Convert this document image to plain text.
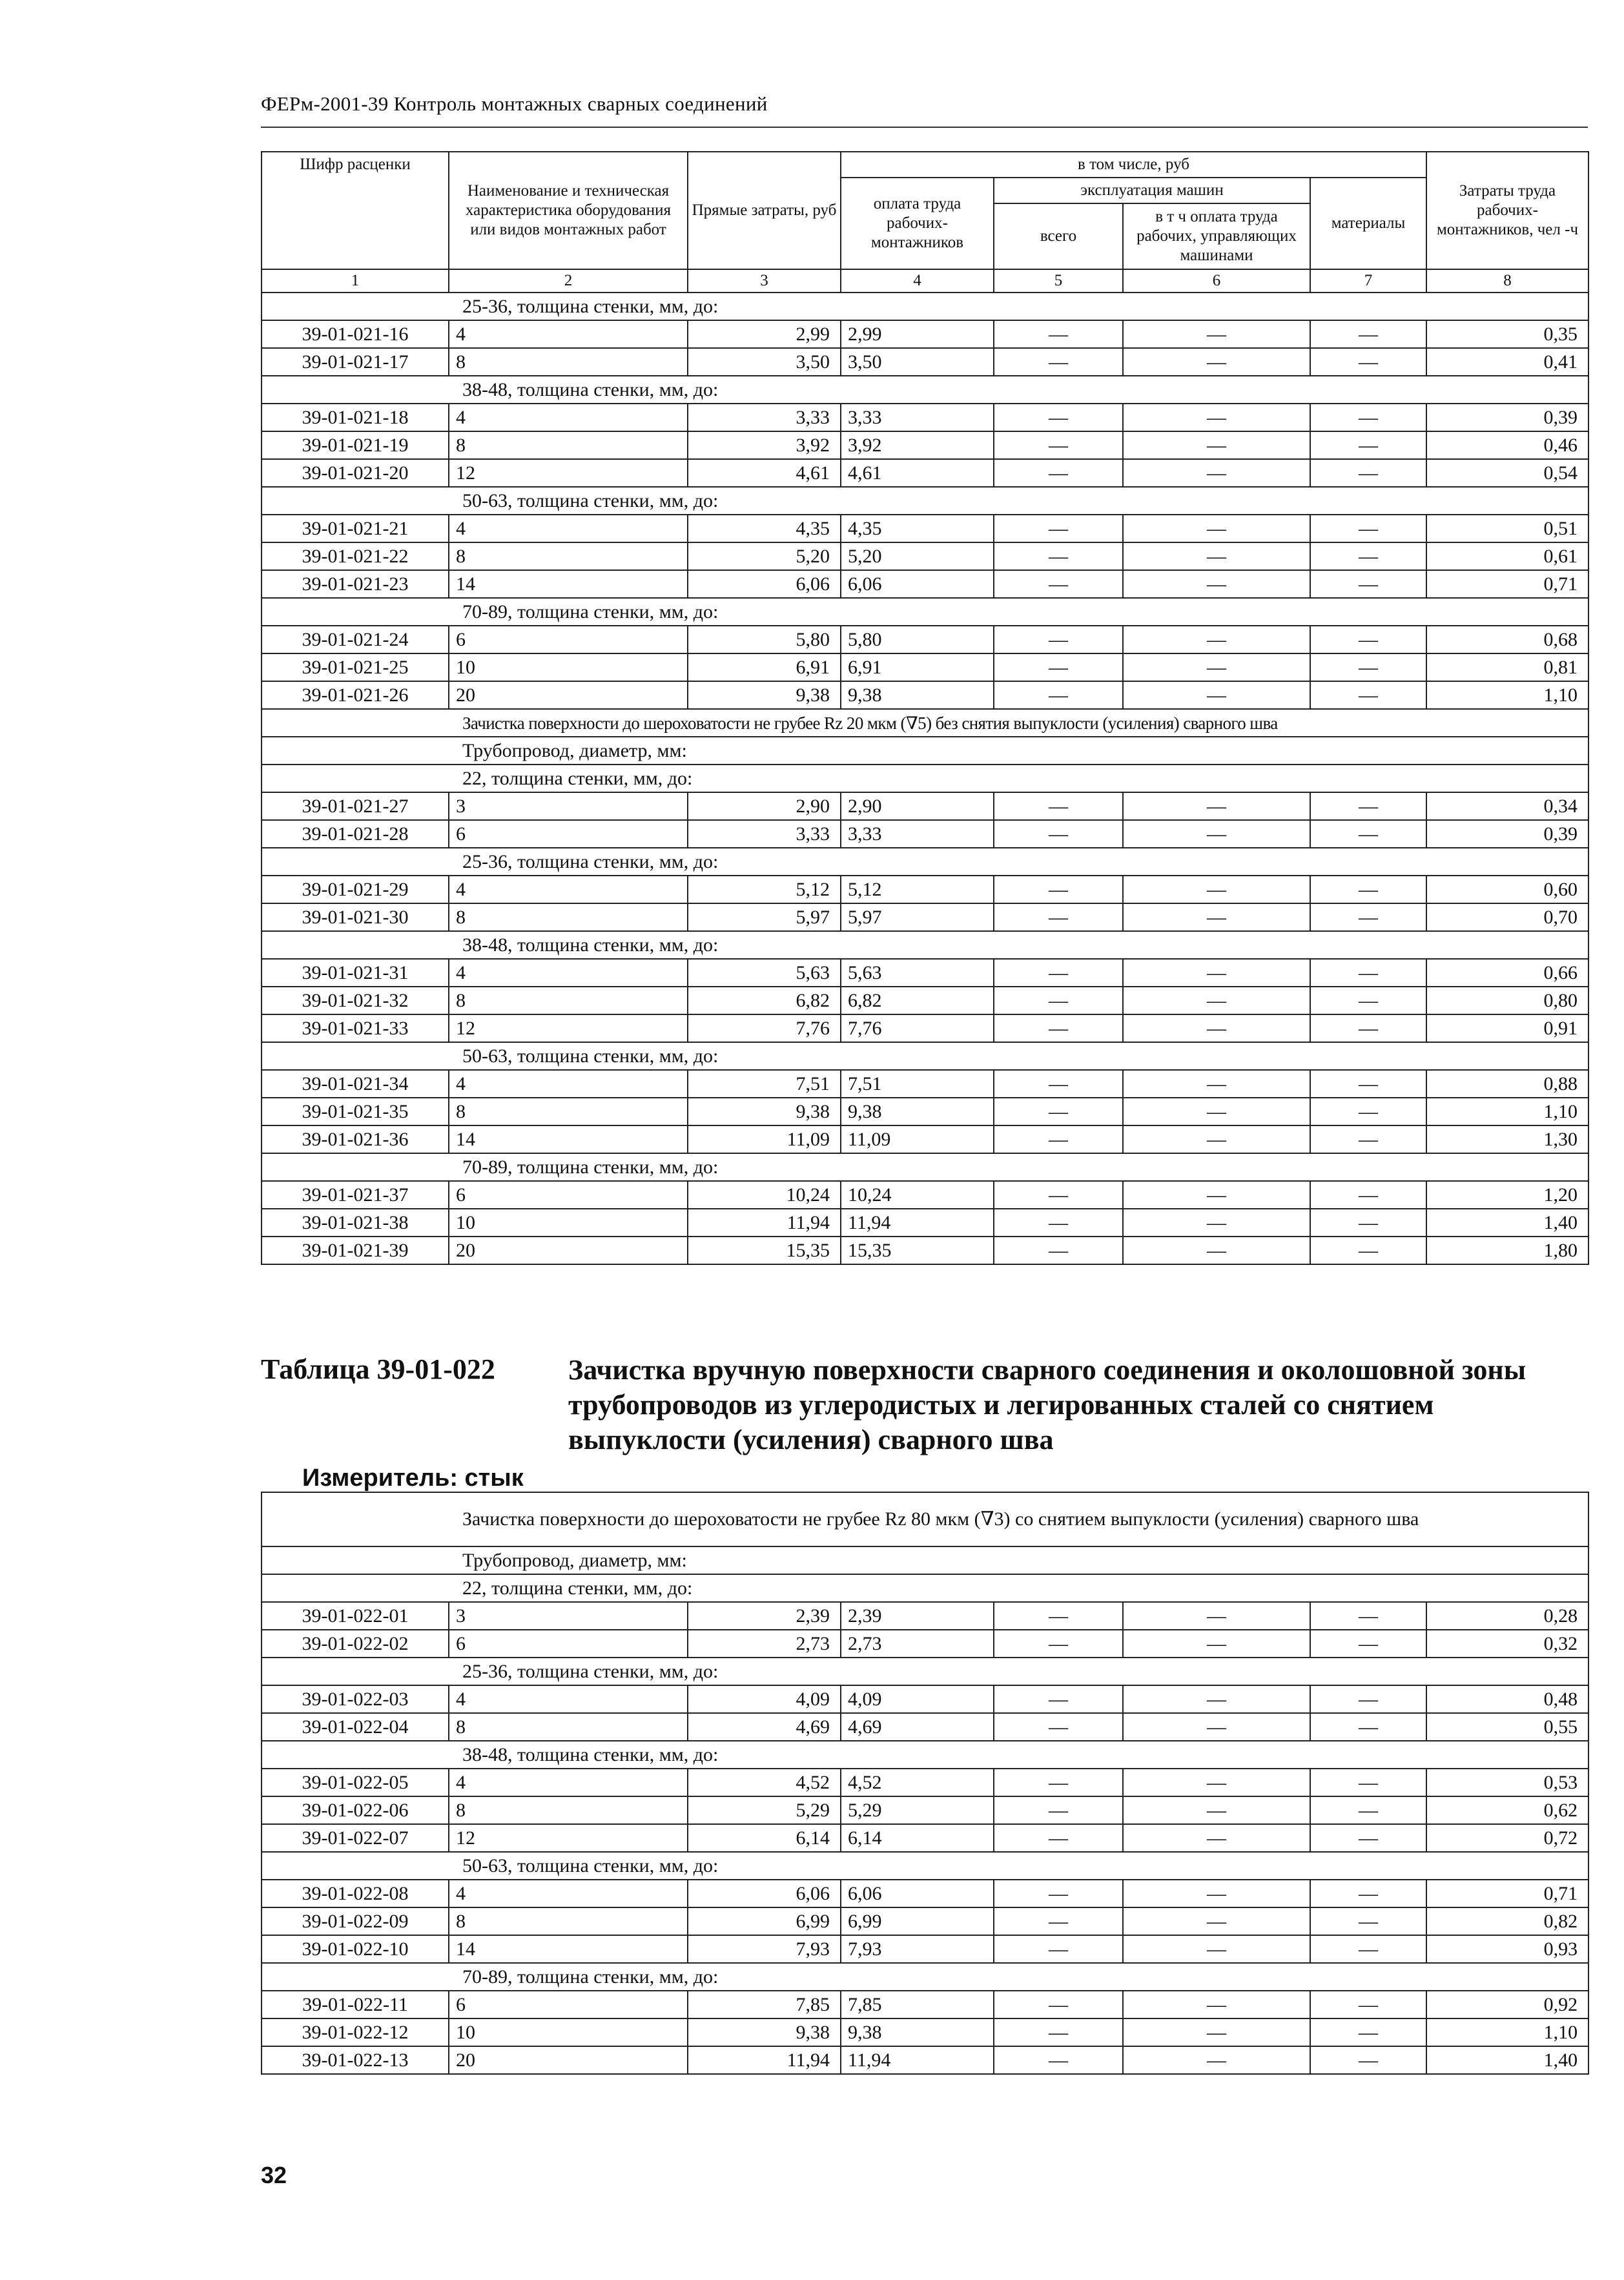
ФЕРм-2001-39 Контроль монтажных сварных соединений
Шифр расценки	Наименование и техническая характеристика оборудования или видов монтажных работ	Прямые затраты, руб	в том числе, руб				Затраты труда рабочих-монтажников, чел -ч
			оплата труда рабочих-монтажников	эксплуатация машин		материалы	
				всего	в т ч оплата труда рабочих, управляющих машинами		
1	2	3	4	5	6	7	8
25-36, толщина стенки, мм, до:							
39-01-021-16	4	2,99	2,99	—	—	—	0,35
39-01-021-17	8	3,50	3,50	—	—	—	0,41
38-48, толщина стенки, мм, до:							
39-01-021-18	4	3,33	3,33	—	—	—	0,39
39-01-021-19	8	3,92	3,92	—	—	—	0,46
39-01-021-20	12	4,61	4,61	—	—	—	0,54
50-63, толщина стенки, мм, до:							
39-01-021-21	4	4,35	4,35	—	—	—	0,51
39-01-021-22	8	5,20	5,20	—	—	—	0,61
39-01-021-23	14	6,06	6,06	—	—	—	0,71
70-89, толщина стенки, мм, до:							
39-01-021-24	6	5,80	5,80	—	—	—	0,68
39-01-021-25	10	6,91	6,91	—	—	—	0,81
39-01-021-26	20	9,38	9,38	—	—	—	1,10
Зачистка поверхности до шероховатости не грубее Rz 20 мкм (∇5) без снятия выпуклости (усиления) сварного шва							
Трубопровод, диаметр, мм:							
22, толщина стенки, мм, до:							
39-01-021-27	3	2,90	2,90	—	—	—	0,34
39-01-021-28	6	3,33	3,33	—	—	—	0,39
25-36, толщина стенки, мм, до:							
39-01-021-29	4	5,12	5,12	—	—	—	0,60
39-01-021-30	8	5,97	5,97	—	—	—	0,70
38-48, толщина стенки, мм, до:							
39-01-021-31	4	5,63	5,63	—	—	—	0,66
39-01-021-32	8	6,82	6,82	—	—	—	0,80
39-01-021-33	12	7,76	7,76	—	—	—	0,91
50-63, толщина стенки, мм, до:							
39-01-021-34	4	7,51	7,51	—	—	—	0,88
39-01-021-35	8	9,38	9,38	—	—	—	1,10
39-01-021-36	14	11,09	11,09	—	—	—	1,30
70-89, толщина стенки, мм, до:							
39-01-021-37	6	10,24	10,24	—	—	—	1,20
39-01-021-38	10	11,94	11,94	—	—	—	1,40
39-01-021-39	20	15,35	15,35	—	—	—	1,80
Таблица 39-01-022	Зачистка вручную поверхности сварного соединения и околошовной зоны трубопроводов из углеродистых и легированных сталей со снятием выпуклости (усиления) сварного шва
Измеритель: стык
Зачистка поверхности до шероховатости не грубее Rz 80 мкм (∇3) со снятием выпуклости (усиления) сварного шва							
Трубопровод, диаметр, мм:							
22, толщина стенки, мм, до:							
39-01-022-01	3	2,39	2,39	—	—	—	0,28
39-01-022-02	6	2,73	2,73	—	—	—	0,32
25-36, толщина стенки, мм, до:							
39-01-022-03	4	4,09	4,09	—	—	—	0,48
39-01-022-04	8	4,69	4,69	—	—	—	0,55
38-48, толщина стенки, мм, до:							
39-01-022-05	4	4,52	4,52	—	—	—	0,53
39-01-022-06	8	5,29	5,29	—	—	—	0,62
39-01-022-07	12	6,14	6,14	—	—	—	0,72
50-63, толщина стенки, мм, до:							
39-01-022-08	4	6,06	6,06	—	—	—	0,71
39-01-022-09	8	6,99	6,99	—	—	—	0,82
39-01-022-10	14	7,93	7,93	—	—	—	0,93
70-89, толщина стенки, мм, до:							
39-01-022-11	6	7,85	7,85	—	—	—	0,92
39-01-022-12	10	9,38	9,38	—	—	—	1,10
39-01-022-13	20	11,94	11,94	—	—	—	1,40
32
